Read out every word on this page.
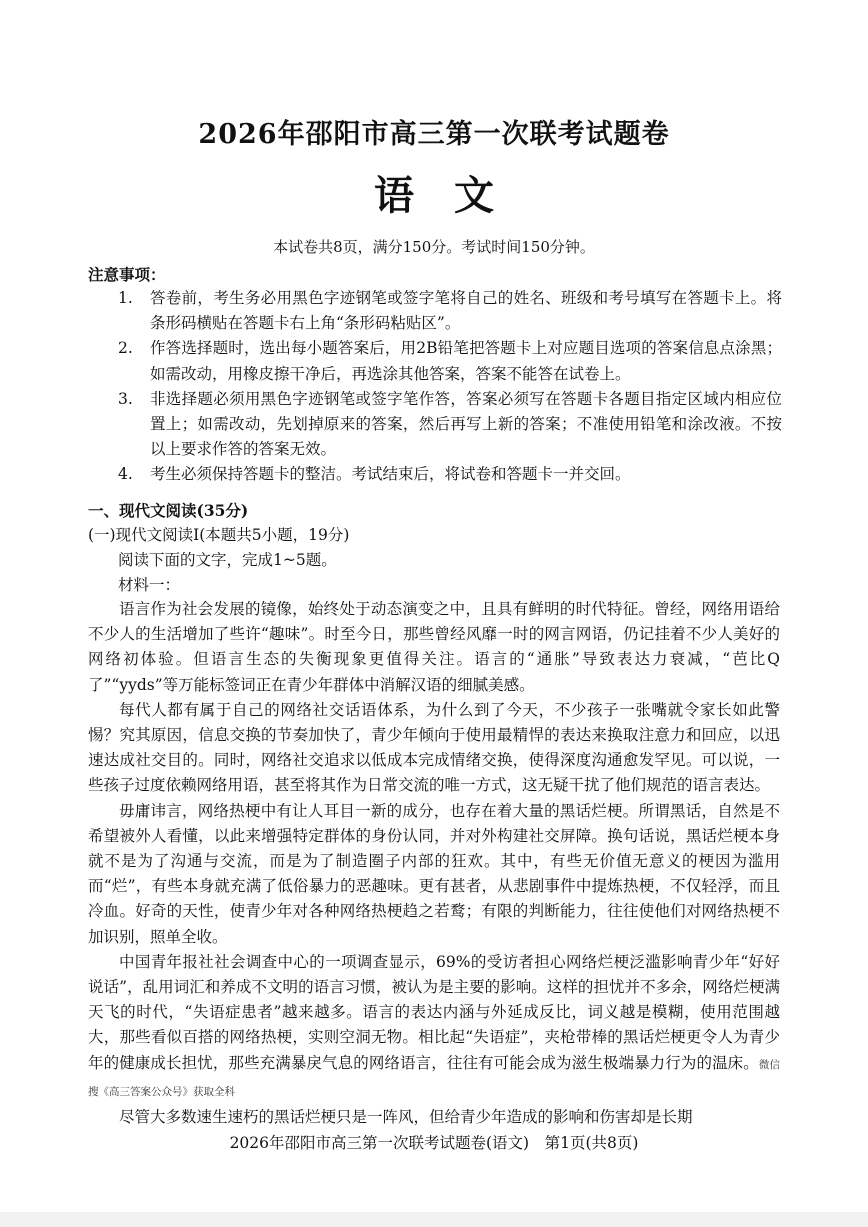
2026年邵阳市高三第一次联考试题卷
语文
本试卷共8页，满分150分。考试时间150分钟。
注意事项：

1. 答卷前，考生务必用黑色字迹钢笔或签字笔将自己的姓名、班级和考号填写在答题卡上。将条形码横贴在答题卡右上角“条形码粘贴区”。

2. 作答选择题时，选出每小题答案后，用2B铅笔把答题卡上对应题目选项的答案信息点涂黑；如需改动，用橡皮擦干净后，再选涂其他答案，答案不能答在试卷上。

3. 非选择题必须用黑色字迹钢笔或签字笔作答，答案必须写在答题卡各题目指定区域内相应位置上；如需改动，先划掉原来的答案，然后再写上新的答案；不准使用铅笔和涂改液。不按以上要求作答的答案无效。

4. 考生必须保持答题卡的整洁。考试结束后，将试卷和答题卡一并交回。

一、现代文阅读(35分)
(一)现代文阅读Ⅰ(本题共5小题，19分)
阅读下面的文字，完成1~5题。
材料一：

语言作为社会发展的镜像，始终处于动态演变之中，且具有鲜明的时代特征。曾经，网络用语给不少人的生活增加了些许“趣味”。时至今日，那些曾经风靡一时的网言网语，仍记挂着不少人美好的网络初体验。但语言生态的失衡现象更值得关注。语言的“通胀”导致表达力衰减，“芭比Q了”“yyds”等万能标签词正在青少年群体中消解汉语的细腻美感。

每代人都有属于自己的网络社交话语体系，为什么到了今天，不少孩子一张嘴就令家长如此警惕？究其原因，信息交换的节奏加快了，青少年倾向于使用最精悍的表达来换取注意力和回应，以迅速达成社交目的。同时，网络社交追求以低成本完成情绪交换，使得深度沟通愈发罕见。可以说，一些孩子过度依赖网络用语，甚至将其作为日常交流的唯一方式，这无疑干扰了他们规范的语言表达。

毋庸讳言，网络热梗中有让人耳目一新的成分，也存在着大量的黑话烂梗。所谓黑话，自然是不希望被外人看懂，以此来增强特定群体的身份认同，并对外构建社交屏障。换句话说，黑话烂梗本身就不是为了沟通与交流，而是为了制造圈子内部的狂欢。其中，有些无价值无意义的梗因为滥用而“烂”，有些本身就充满了低俗暴力的恶趣味。更有甚者，从悲剧事件中提炼热梗，不仅轻浮，而且冷血。好奇的天性，使青少年对各种网络热梗趋之若鹜；有限的判断能力，往往使他们对网络热梗不加识别，照单全收。

中国青年报社社会调查中心的一项调查显示，69%的受访者担心网络烂梗泛滥影响青少年“好好说话”，乱用词汇和养成不文明的语言习惯，被认为是主要的影响。这样的担忧并不多余，网络烂梗满天飞的时代，“失语症患者”越来越多。语言的表达内涵与外延成反比，词义越是模糊，使用范围越大，那些看似百搭的网络热梗，实则空洞无物。相比起“失语症”，夹枪带棒的黑话烂梗更令人为青少年的健康成长担忧，那些充满暴戾气息的网络语言，往往有可能会成为滋生极端暴力行为的温床。微信搜《高三答案公众号》获取全科

尽管大多数速生速朽的黑话烂梗只是一阵风，但给青少年造成的影响和伤害却是长期

2026年邵阳市高三第一次联考试题卷(语文)　第1页(共8页)
